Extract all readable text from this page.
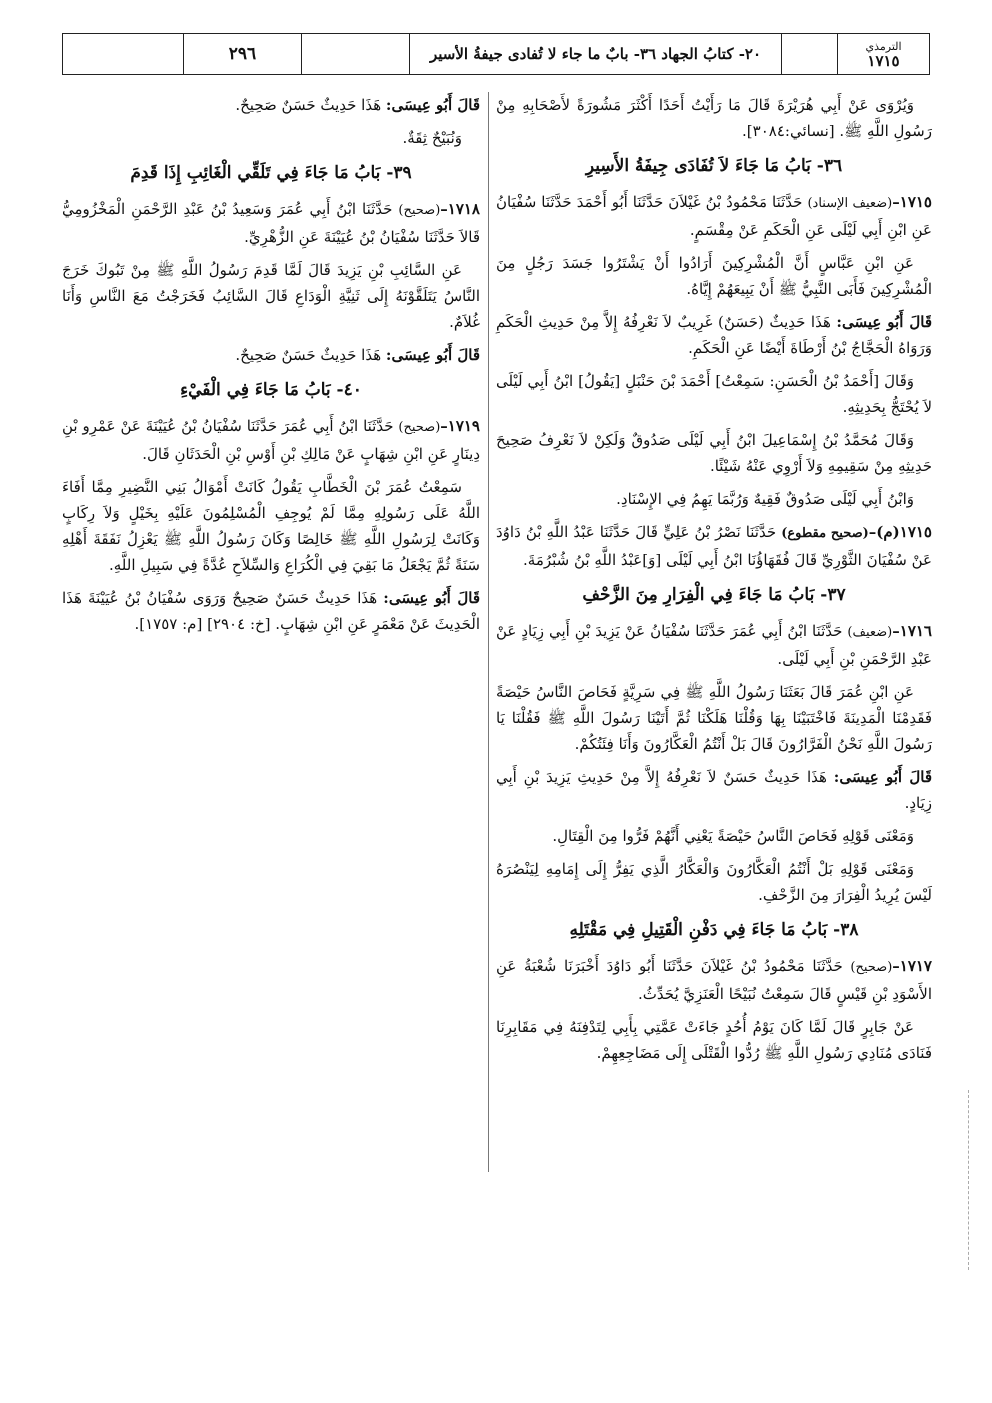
الترمذي
١٧١٥
٢٠- كتابُ الجهاد ٣٦- بابٌ ما جاء لا تُفادى جيفةُ الأسير
٢٩٦

وَيُرْوَى عَنْ أَبِي هُرَيْرَةَ قَالَ مَا رَأَيْتُ أَحَدًا أَكْثَرَ مَشُورَةً لأَصْحَابِهِ مِنْ رَسُولِ اللَّهِ ﷺ. [نسائي:٣٠٨٤].

٣٦- بَابُ مَا جَاءَ لاَ تُفَادَى جِيفَةُ الأَسِيرِ

١٧١٥–(ضعيف الإسناد) حَدَّثَنَا مَحْمُودُ بْنُ غَيْلاَنَ حَدَّثَنَا أَبُو أَحْمَدَ حَدَّثَنَا سُفْيَانُ عَنِ ابْنِ أَبِي لَيْلَى عَنِ الْحَكَمِ عَنْ مِقْسَمٍ.

عَنِ ابْنِ عَبَّاسٍ أَنَّ الْمُشْرِكِينَ أَرَادُوا أَنْ يَشْتَرُوا جَسَدَ رَجُلٍ مِنَ الْمُشْرِكِينَ فَأَبَى النَّبِيُّ ﷺ أَنْ يَبِيعَهُمْ إِيَّاهُ.

قَالَ أَبُو عِيسَى: هَذَا حَدِيثٌ (حَسَنٌ) غَرِيبٌ لاَ نَعْرِفُهُ إِلاَّ مِنْ حَدِيثِ الْحَكَمِ وَرَوَاهُ الْحَجَّاجُ بْنُ أَرْطَاةَ أَيْضًا عَنِ الْحَكَمِ.

وَقَالَ [أَحْمَدُ بْنُ الْحَسَنِ: سَمِعْتُ] أَحْمَدَ بْنَ حَنْبَلٍ [يَقُولُ] ابْنُ أَبِي لَيْلَى لاَ يُحْتَجُّ بِحَدِيثِهِ.

وَقَالَ مُحَمَّدُ بْنُ إِسْمَاعِيلَ ابْنُ أَبِي لَيْلَى صَدُوقٌ وَلَكِنْ لاَ نَعْرِفُ صَحِيحَ حَدِيثِهِ مِنْ سَقِيمِهِ وَلاَ أَرْوِي عَنْهُ شَيْئًا.

وَابْنُ أَبِي لَيْلَى صَدُوقٌ فَقِيهٌ وَرُبَّمَا يَهِمُ فِي الإِسْنَادِ.

١٧١٥(م)–(صحيح مقطوع) حَدَّثَنَا نَصْرُ بْنُ عَلِيٍّ قَالَ حَدَّثَنَا عَبْدُ اللَّهِ بْنُ دَاوُدَ عَنْ سُفْيَانَ الثَّوْرِيِّ قَالَ فُقَهَاؤُنَا ابْنُ أَبِي لَيْلَى [وَ]عَبْدُ اللَّهِ بْنُ شُبْرُمَةَ.

٣٧- بَابُ مَا جَاءَ فِي الْفِرَارِ مِنَ الزَّحْفِ

١٧١٦–(ضعيف) حَدَّثَنَا ابْنُ أَبِي عُمَرَ حَدَّثَنَا سُفْيَانُ عَنْ يَزِيدَ بْنِ أَبِي زِيَادٍ عَنْ عَبْدِ الرَّحْمَنِ بْنِ أَبِي لَيْلَى.

عَنِ ابْنِ عُمَرَ قَالَ بَعَثَنَا رَسُولُ اللَّهِ ﷺ فِي سَرِيَّةٍ فَحَاصَ النَّاسُ حَيْصَةً فَقَدِمْنَا الْمَدِينَةَ فَاخْتَبَيْنَا بِهَا وَقُلْنَا هَلَكْنَا ثُمَّ أَتَيْنَا رَسُولَ اللَّهِ ﷺ فَقُلْنَا يَا رَسُولَ اللَّهِ نَحْنُ الْفَرَّارُونَ قَالَ بَلْ أَنْتُمُ الْعَكَّارُونَ وَأَنَا فِئَتُكُمْ.

قَالَ أَبُو عِيسَى: هَذَا حَدِيثٌ حَسَنٌ لاَ نَعْرِفُهُ إِلاَّ مِنْ حَدِيثِ يَزِيدَ بْنِ أَبِي زِيَادٍ.

وَمَعْنَى قَوْلِهِ فَحَاصَ النَّاسُ حَيْصَةً يَعْنِي أَنَّهُمْ فَرُّوا مِنَ الْقِتَالِ.

وَمَعْنَى قَوْلِهِ بَلْ أَنْتُمُ الْعَكَّارُونَ وَالْعَكَّارُ الَّذِي يَفِرُّ إِلَى إِمَامِهِ لِيَنْصُرَهُ لَيْسَ يُرِيدُ الْفِرَارَ مِنَ الزَّحْفِ.

٣٨- بَابُ مَا جَاءَ فِي دَفْنِ الْقَتِيلِ فِي مَقْتَلِهِ

١٧١٧–(صحيح) حَدَّثَنَا مَحْمُودُ بْنُ غَيْلاَنَ حَدَّثَنَا أَبُو دَاوُدَ أَخْبَرَنَا شُعْبَةُ عَنِ الأَسْوَدِ بْنِ قَيْسٍ قَالَ سَمِعْتُ نُبَيْحًا الْعَنَزِيَّ يُحَدِّثُ.

عَنْ جَابِرٍ قَالَ لَمَّا كَانَ يَوْمُ أُحُدٍ جَاءَتْ عَمَّتِي بِأَبِي لِتَدْفِنَهُ فِي مَقَابِرِنَا فَنَادَى مُنَادِي رَسُولِ اللَّهِ ﷺ رُدُّوا الْقَتْلَى إِلَى مَضَاجِعِهِمْ.

قَالَ أَبُو عِيسَى: هَذَا حَدِيثٌ حَسَنٌ صَحِيحٌ.

وَنُبَيْحٌ ثِقَةٌ.

٣٩- بَابُ مَا جَاءَ فِي تَلَقِّي الْغَائِبِ إِذَا قَدِمَ

١٧١٨–(صحيح) حَدَّثَنَا ابْنُ أَبِي عُمَرَ وَسَعِيدُ بْنُ عَبْدِ الرَّحْمَنِ الْمَخْزُومِيُّ قَالاَ حَدَّثَنَا سُفْيَانُ بْنُ عُيَيْنَةَ عَنِ الزُّهْرِيِّ.

عَنِ السَّائِبِ بْنِ يَزِيدَ قَالَ لَمَّا قَدِمَ رَسُولُ اللَّهِ ﷺ مِنْ تَبُوكَ خَرَجَ النَّاسُ يَتَلَقَّوْنَهُ إِلَى ثَنِيَّةِ الْوَدَاعِ قَالَ السَّائِبُ فَخَرَجْتُ مَعَ النَّاسِ وَأَنَا غُلاَمٌ.

قَالَ أَبُو عِيسَى: هَذَا حَدِيثٌ حَسَنٌ صَحِيحٌ.

٤٠- بَابُ مَا جَاءَ فِي الْفَيْءِ

١٧١٩–(صحيح) حَدَّثَنَا ابْنُ أَبِي عُمَرَ حَدَّثَنَا سُفْيَانُ بْنُ عُيَيْنَةَ عَنْ عَمْرِو بْنِ دِينَارٍ عَنِ ابْنِ شِهَابٍ عَنْ مَالِكِ بْنِ أَوْسِ بْنِ الْحَدَثَانِ قَالَ.

سَمِعْتُ عُمَرَ بْنَ الْخَطَّابِ يَقُولُ كَانَتْ أَمْوَالُ بَنِي النَّضِيرِ مِمَّا أَفَاءَ اللَّهُ عَلَى رَسُولِهِ مِمَّا لَمْ يُوجِفِ الْمُسْلِمُونَ عَلَيْهِ بِخَيْلٍ وَلاَ رِكَابٍ وَكَانَتْ لِرَسُولِ اللَّهِ ﷺ خَالِصًا وَكَانَ رَسُولُ اللَّهِ ﷺ يَعْزِلُ نَفَقَةَ أَهْلِهِ سَنَةً ثُمَّ يَجْعَلُ مَا بَقِيَ فِي الْكُرَاعِ وَالسِّلاَحِ عُدَّةً فِي سَبِيلِ اللَّهِ.

قَالَ أَبُو عِيسَى: هَذَا حَدِيثٌ حَسَنٌ صَحِيحٌ وَرَوَى سُفْيَانُ بْنُ عُيَيْنَةَ هَذَا الْحَدِيثَ عَنْ مَعْمَرٍ عَنِ ابْنِ شِهَابٍ. [خ: ٢٩٠٤] [م: ١٧٥٧].
